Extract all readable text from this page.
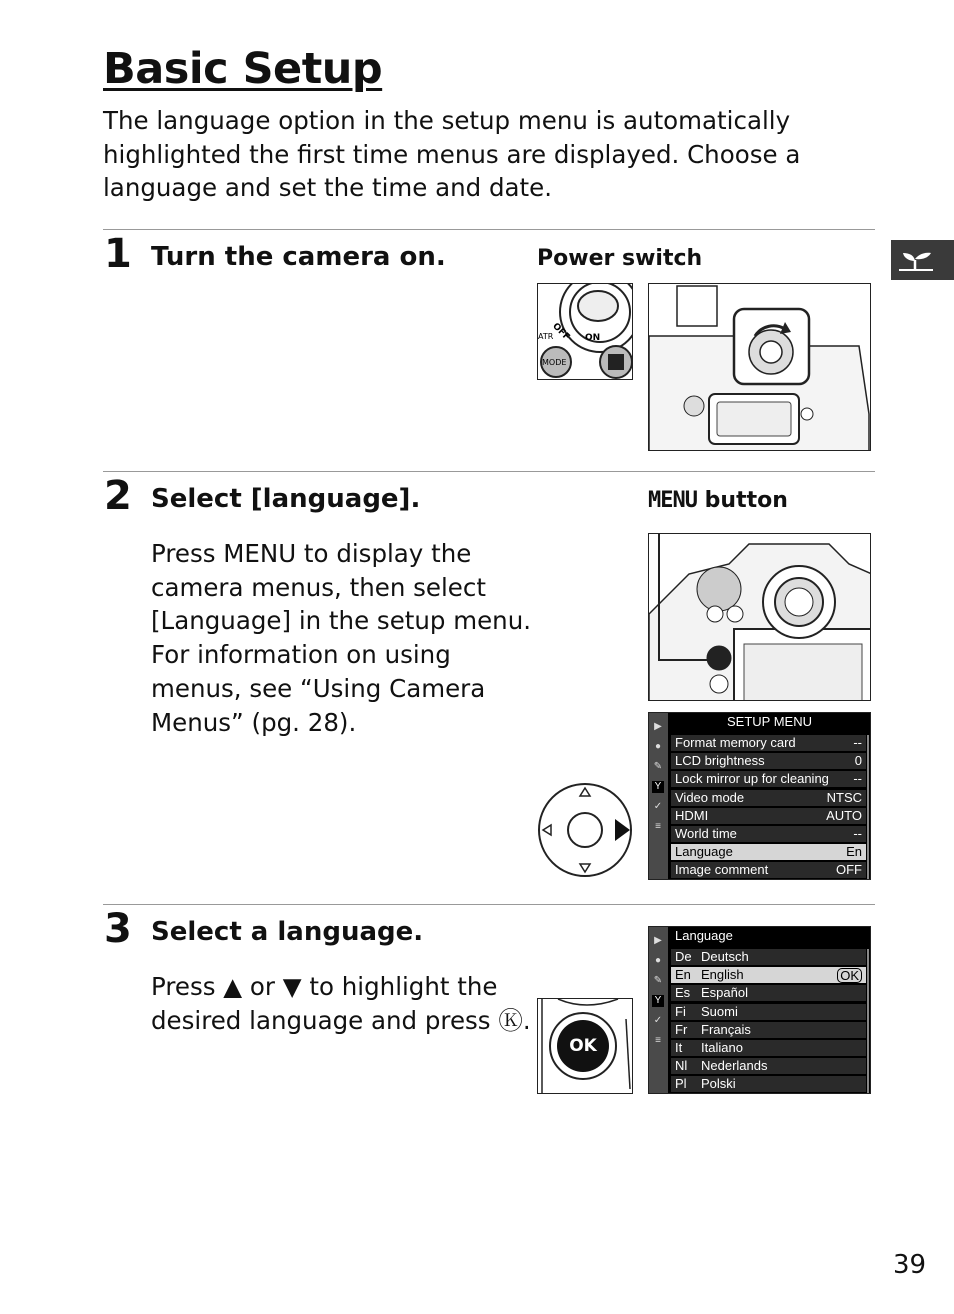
Basic Setup
The language option in the setup menu is automatically highlighted the first time menus are displayed. Choose a language and set the time and date.
1 Turn the camera on.	Power switch
OFF ON
MODE
ATR
2 Select [language].
Press MENU to display the
camera menus, then select
[Language] in the setup menu.
For information on using
menus, see “Using Camera
Menus” (pg. 28).
MENU button
▶
●
✎
Y
✓
≡
SETUP MENU
Format memory card	--
LCD brightness	0
Lock mirror up for cleaning --
Video mode	NTSC
HDMI	AUTO
World time	--
Language	En
Image comment	OFF
3 Select a language.
Press ▲ or ▼ to highlight the
desired language and press Ⓚ.
OK
▶
●
✎
Y
✓
≡
Language
De Deutsch
En English	OK
Es Español
Fi	Suomi
Fr	Français
It	Italiano
Nl	Nederlands
Pl	Polski
39
